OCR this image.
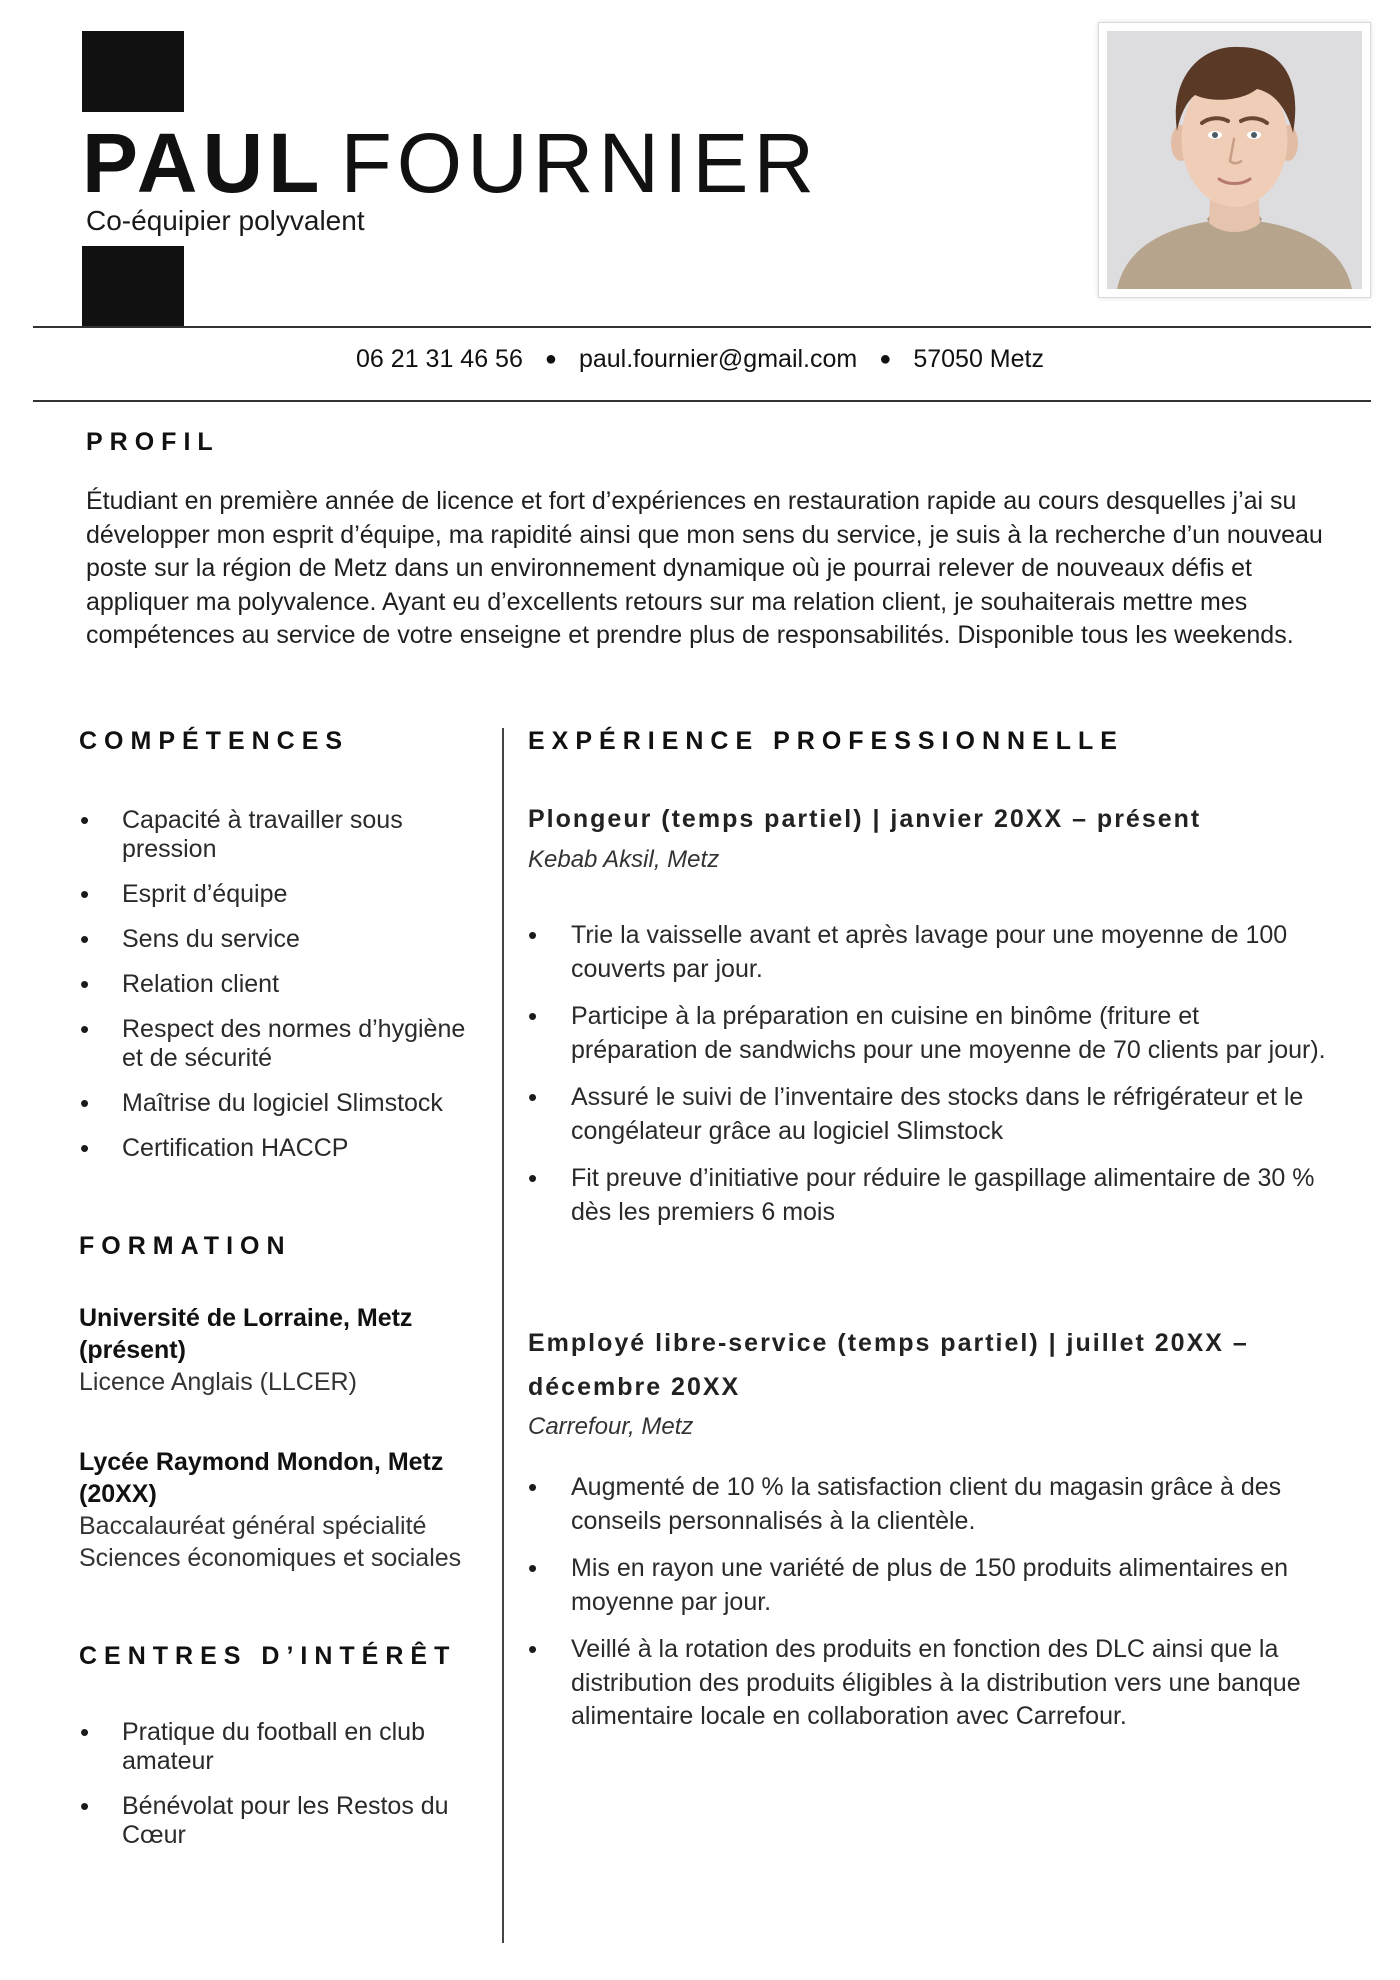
PAUL FOURNIER
Co-équipier polyvalent
06 21 31 46 56 ● paul.fournier@gmail.com ● 57050 Metz
PROFIL
Étudiant en première année de licence et fort d’expériences en restauration rapide au cours desquelles j’ai su développer mon esprit d’équipe, ma rapidité ainsi que mon sens du service, je suis à la recherche d’un nouveau poste sur la région de Metz dans un environnement dynamique où je pourrai relever de nouveaux défis et appliquer ma polyvalence. Ayant eu d’excellents retours sur ma relation client, je souhaiterais mettre mes compétences au service de votre enseigne et prendre plus de responsabilités. Disponible tous les weekends.
COMPÉTENCES
• Capacité à travailler sous pression
• Esprit d’équipe
• Sens du service
• Relation client
• Respect des normes d’hygiène et de sécurité
• Maîtrise du logiciel Slimstock
• Certification HACCP
FORMATION
Université de Lorraine, Metz (présent)
Licence Anglais (LLCER)
Lycée Raymond Mondon, Metz (20XX)
Baccalauréat général spécialité Sciences économiques et sociales
CENTRES D’INTÉRÊT
• Pratique du football en club amateur
• Bénévolat pour les Restos du Cœur
EXPÉRIENCE PROFESSIONNELLE
Plongeur (temps partiel) | janvier 20XX – présent
Kebab Aksil, Metz
• Trie la vaisselle avant et après lavage pour une moyenne de 100 couverts par jour.
• Participe à la préparation en cuisine en binôme (friture et préparation de sandwichs pour une moyenne de 70 clients par jour).
• Assuré le suivi de l’inventaire des stocks dans le réfrigérateur et le congélateur grâce au logiciel Slimstock
• Fit preuve d’initiative pour réduire le gaspillage alimentaire de 30 % dès les premiers 6 mois
Employé libre-service (temps partiel) | juillet 20XX – décembre 20XX
Carrefour, Metz
• Augmenté de 10 % la satisfaction client du magasin grâce à des conseils personnalisés à la clientèle.
• Mis en rayon une variété de plus de 150 produits alimentaires en moyenne par jour.
• Veillé à la rotation des produits en fonction des DLC ainsi que la distribution des produits éligibles à la distribution vers une banque alimentaire locale en collaboration avec Carrefour.
